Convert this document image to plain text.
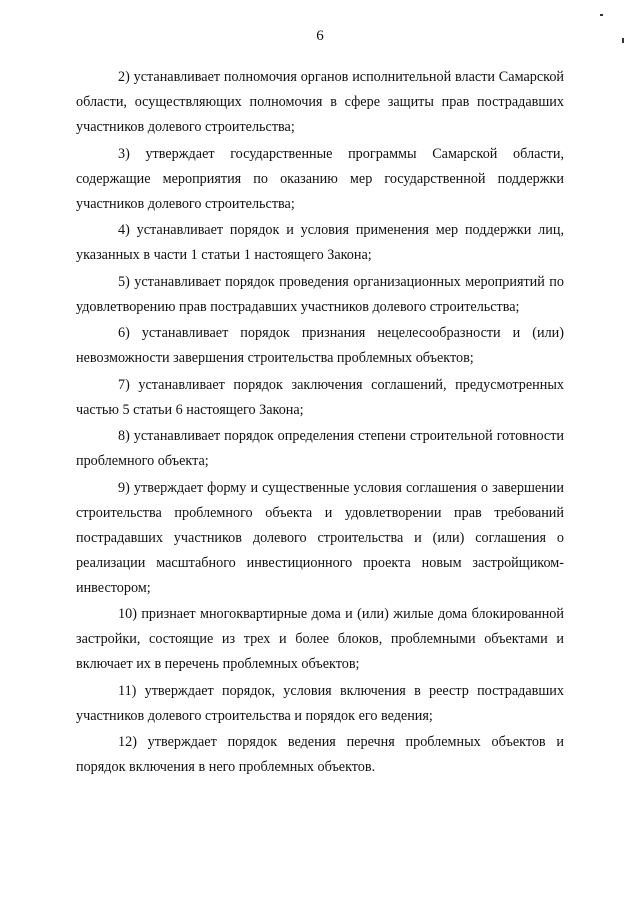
6

2) устанавливает полномочия органов исполнительной власти Самарской области, осуществляющих полномочия в сфере защиты прав пострадавших участников долевого строительства;

3) утверждает государственные программы Самарской области, содержащие мероприятия по оказанию мер государственной поддержки участников долевого строительства;

4) устанавливает порядок и условия применения мер поддержки лиц, указанных в части 1 статьи 1 настоящего Закона;

5) устанавливает порядок проведения организационных мероприятий по удовлетворению прав пострадавших участников долевого строительства;

6) устанавливает порядок признания нецелесообразности и (или) невозможности завершения строительства проблемных объектов;

7) устанавливает порядок заключения соглашений, предусмотренных частью 5 статьи 6 настоящего Закона;

8) устанавливает порядок определения степени строительной готовности проблемного объекта;

9) утверждает форму и существенные условия соглашения о завершении строительства проблемного объекта и удовлетворении прав требований пострадавших участников долевого строительства и (или) соглашения о реализации масштабного инвестиционного проекта новым застройщиком-инвестором;

10) признает многоквартирные дома и (или) жилые дома блокированной застройки, состоящие из трех и более блоков, проблемными объектами и включает их в перечень проблемных объектов;

11) утверждает порядок, условия включения в реестр пострадавших участников долевого строительства и порядок его ведения;

12) утверждает порядок ведения перечня проблемных объектов и порядок включения в него проблемных объектов.
